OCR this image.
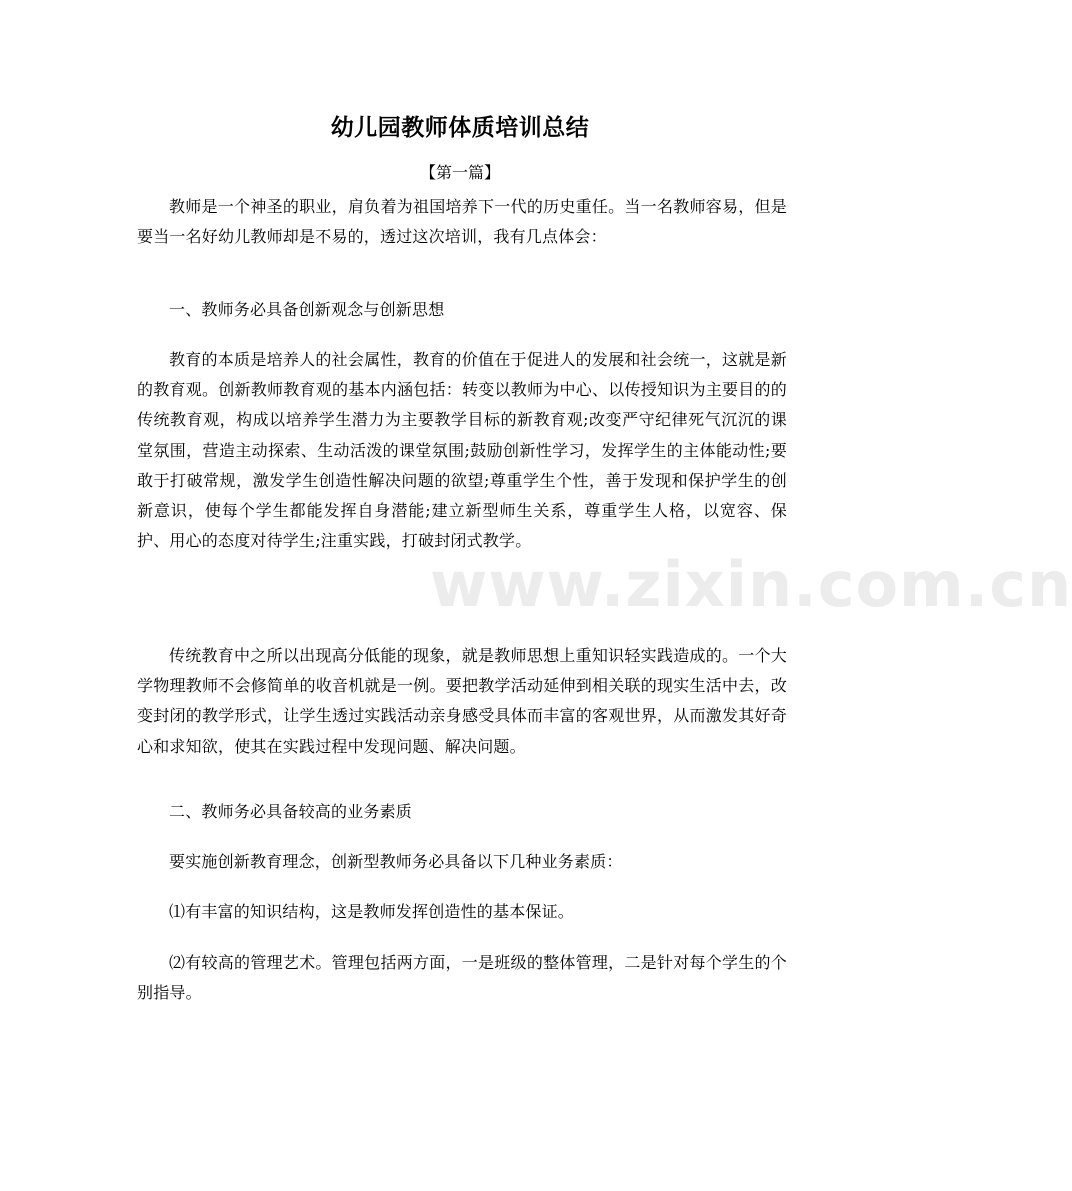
幼儿园教师体质培训总结
【第一篇】

教师是一个神圣的职业，肩负着为祖国培养下一代的历史重任。当一名教师容易，但是要当一名好幼儿教师却是不易的，透过这次培训，我有几点体会：

一、教师务必具备创新观念与创新思想

教育的本质是培养人的社会属性，教育的价值在于促进人的发展和社会统一，这就是新的教育观。创新教师教育观的基本内涵包括：转变以教师为中心、以传授知识为主要目的的传统教育观，构成以培养学生潜力为主要教学目标的新教育观;改变严守纪律死气沉沉的课堂氛围，营造主动探索、生动活泼的课堂氛围;鼓励创新性学习，发挥学生的主体能动性;要敢于打破常规，激发学生创造性解决问题的欲望;尊重学生个性，善于发现和保护学生的创新意识，使每个学生都能发挥自身潜能;建立新型师生关系，尊重学生人格，以宽容、保护、用心的态度对待学生;注重实践，打破封闭式教学。

传统教育中之所以出现高分低能的现象，就是教师思想上重知识轻实践造成的。一个大学物理教师不会修简单的收音机就是一例。要把教学活动延伸到相关联的现实生活中去，改变封闭的教学形式，让学生透过实践活动亲身感受具体而丰富的客观世界，从而激发其好奇心和求知欲，使其在实践过程中发现问题、解决问题。

二、教师务必具备较高的业务素质

要实施创新教育理念，创新型教师务必具备以下几种业务素质：

⑴有丰富的知识结构，这是教师发挥创造性的基本保证。

⑵有较高的管理艺术。管理包括两方面，一是班级的整体管理，二是针对每个学生的个别指导。

www.zixin.com.cn
